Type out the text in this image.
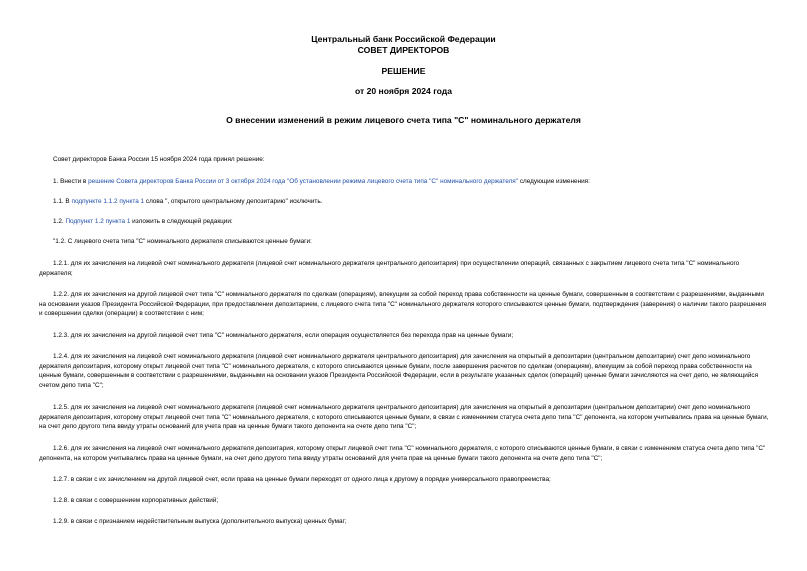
Центральный банк Российской Федерации
СОВЕТ ДИРЕКТОРОВ
РЕШЕНИЕ
от 20 ноября 2024 года
О внесении изменений в режим лицевого счета типа "С" номинального держателя
Совет директоров Банка России 15 ноября 2024 года принял решение:
1. Внести в решение Совета директоров Банка России от 3 октября 2024 года "Об установлении режима лицевого счета типа "С" номинального держателя" следующие изменения:
1.1. В подпункте 1.1.2 пункта 1 слова ", открытого центральному депозитарию" исключить.
1.2. Подпункт 1.2 пункта 1 изложить в следующей редакции:
"1.2. С лицевого счета типа "С" номинального держателя списываются ценные бумаги:
1.2.1. для их зачисления на лицевой счет номинального держателя (лицевой счет номинального держателя центрального депозитария) при осуществлении операций, связанных с закрытием лицевого счета типа "С" номинального держателя;
1.2.2. для их зачисления на другой лицевой счет типа "С" номинального держателя по сделкам (операциям), влекущим за собой переход права собственности на ценные бумаги, совершенным в соответствии с разрешениями, выданными на основании указов Президента Российской Федерации, при предоставлении депозитарием, с лицевого счета типа "С" номинального держателя которого списываются ценные бумаги, подтверждения (заверения) о наличии такого разрешения и совершении сделки (операции) в соответствии с ним;
1.2.3. для их зачисления на другой лицевой счет типа "С" номинального держателя, если операция осуществляется без перехода прав на ценные бумаги;
1.2.4. для их зачисления на лицевой счет номинального держателя (лицевой счет номинального держателя центрального депозитария) для зачисления на открытый в депозитарии (центральном депозитарии) счет депо номинального держателя депозитария, которому открыт лицевой счет типа "С" номинального держателя, с которого списываются ценные бумаги, после завершения расчетов по сделкам (операциям), влекущим за собой переход права собственности на ценные бумаги, совершенным в соответствии с разрешениями, выданными на основании указов Президента Российской Федерации, если в результате указанных сделок (операций) ценные бумаги зачисляются на счет депо, не являющийся счетом депо типа "С";
1.2.5. для их зачисления на лицевой счет номинального держателя (лицевой счет номинального держателя центрального депозитария) для зачисления на открытый в депозитарии (центральном депозитарии) счет депо номинального держателя депозитария, которому открыт лицевой счет типа "С" номинального держателя, с которого списываются ценные бумаги, в связи с изменением статуса счета депо типа "С" депонента, на котором учитывались права на ценные бумаги, на счет депо другого типа ввиду утраты оснований для учета прав на ценные бумаги такого депонента на счете депо типа "С";
1.2.6. для их зачисления на лицевой счет номинального держателя депозитария, которому открыт лицевой счет типа "С" номинального держателя, с которого списываются ценные бумаги, в связи с изменением статуса счета депо типа "С" депонента, на котором учитывались права на ценные бумаги, на счет депо другого типа ввиду утраты оснований для учета прав на ценные бумаги такого депонента на счете депо типа "С";
1.2.7. в связи с их зачислением на другой лицевой счет, если права на ценные бумаги переходят от одного лица к другому в порядке универсального правопреемства;
1.2.8. в связи с совершением корпоративных действий;
1.2.9. в связи с признанием недействительным выпуска (дополнительного выпуска) ценных бумаг;
